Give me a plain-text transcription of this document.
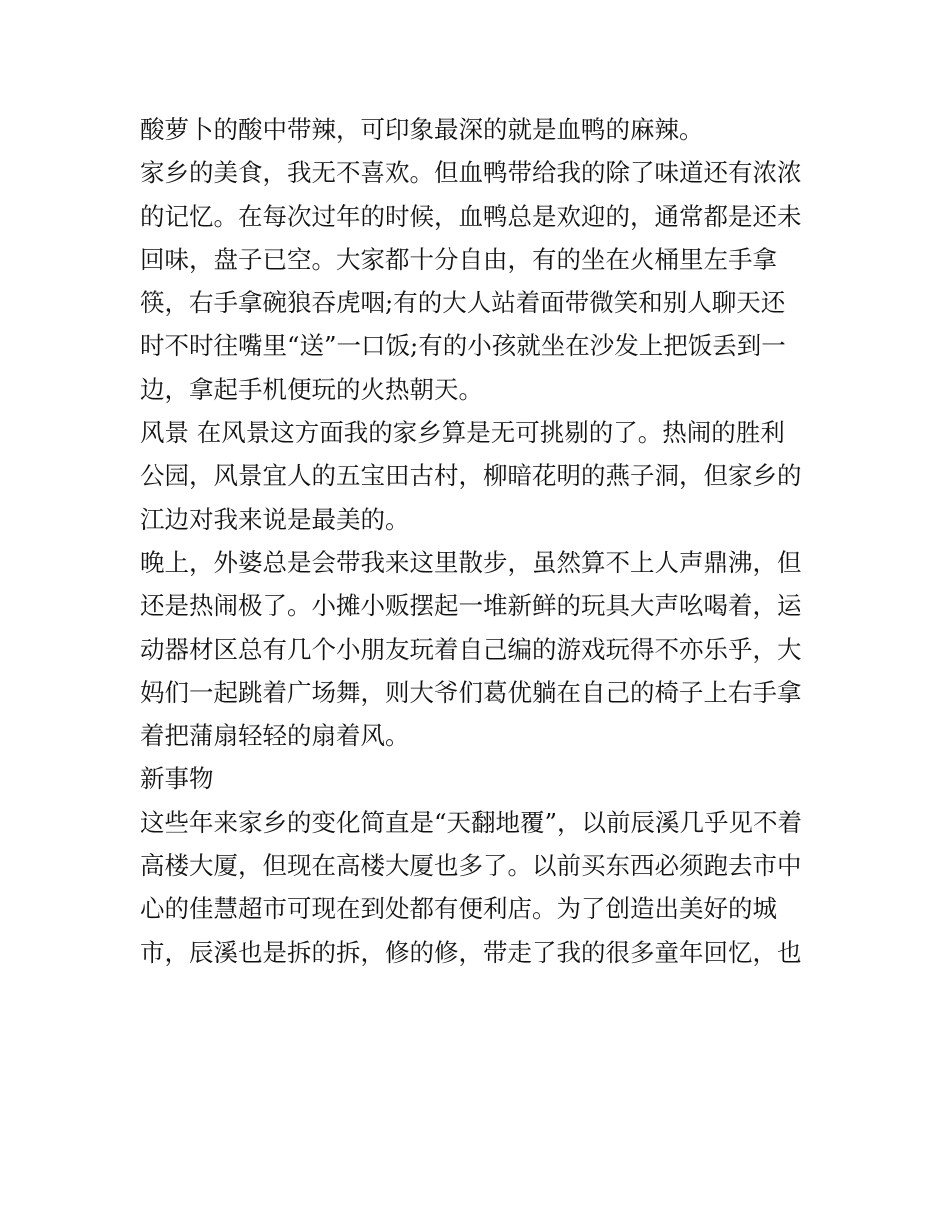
酸萝卜的酸中带辣，可印象最深的就是血鸭的麻辣。
家乡的美食，我无不喜欢。但血鸭带给我的除了味道还有浓浓
的记忆。在每次过年的时候，血鸭总是欢迎的，通常都是还未
回味，盘子已空。大家都十分自由，有的坐在火桶里左手拿
筷，右手拿碗狼吞虎咽;有的大人站着面带微笑和别人聊天还
时不时往嘴里“送”一口饭;有的小孩就坐在沙发上把饭丢到一
边，拿起手机便玩的火热朝天。
风景 在风景这方面我的家乡算是无可挑剔的了。热闹的胜利
公园，风景宜人的五宝田古村，柳暗花明的燕子洞，但家乡的
江边对我来说是最美的。
晚上，外婆总是会带我来这里散步，虽然算不上人声鼎沸，但
还是热闹极了。小摊小贩摆起一堆新鲜的玩具大声吆喝着，运
动器材区总有几个小朋友玩着自己编的游戏玩得不亦乐乎，大
妈们一起跳着广场舞，则大爷们葛优躺在自己的椅子上右手拿
着把蒲扇轻轻的扇着风。
新事物
这些年来家乡的变化简直是“天翻地覆”，以前辰溪几乎见不着
高楼大厦，但现在高楼大厦也多了。以前买东西必须跑去市中
心的佳慧超市可现在到处都有便利店。为了创造出美好的城
市，辰溪也是拆的拆，修的修，带走了我的很多童年回忆，也
